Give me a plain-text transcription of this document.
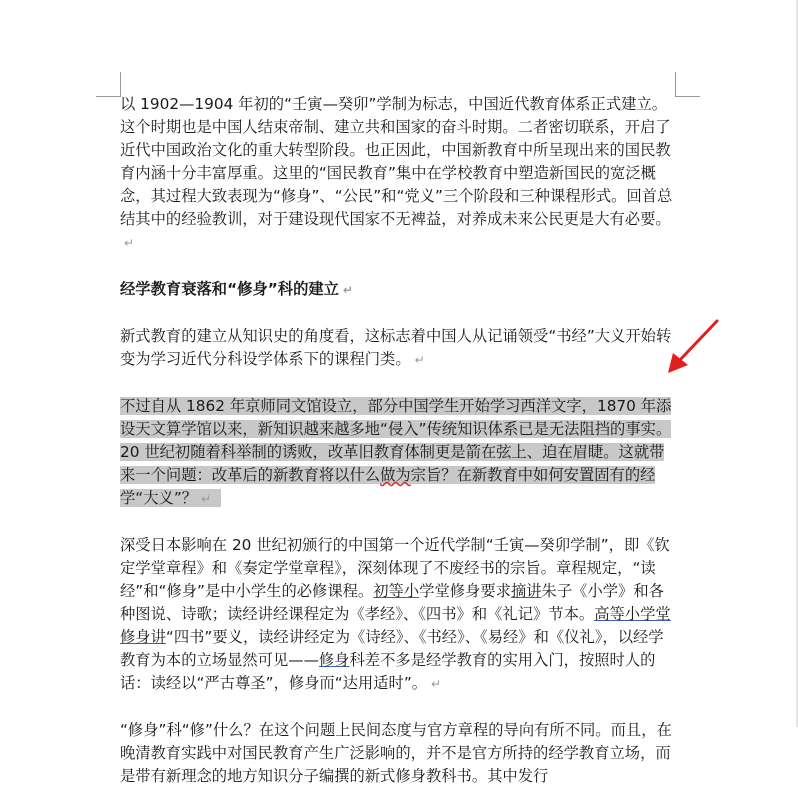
以 1902—1904 年初的“壬寅—癸卯”学制为标志，中国近代教育体系正式建立。这个时期也是中国人结束帝制、建立共和国家的奋斗时期。二者密切联系，开启了近代中国政治文化的重大转型阶段。也正因此，中国新教育中所呈现出来的国民教育内涵十分丰富厚重。这里的“国民教育”集中在学校教育中塑造新国民的宽泛概念，其过程大致表现为“修身”、“公民”和“党义”三个阶段和三种课程形式。回首总结其中的经验教训，对于建设现代国家不无裨益，对养成未来公民更是大有必要。↵

经学教育衰落和“修身”科的建立 ↵

新式教育的建立从知识史的角度看，这标志着中国人从记诵领受“书经”大义开始转变为学习近代分科设学体系下的课程门类。 ↵

不过自从 1862 年京师同文馆设立，部分中国学生开始学习西洋文字，1870 年添设天文算学馆以来，新知识越来越多地“侵入”传统知识体系已是无法阻挡的事实。20 世纪初随着科举制的诱败，改革旧教育体制更是箭在弦上、迫在眉睫。这就带来一个问题：改革后的新教育将以什么做为宗旨？在新教育中如何安置固有的经学“大义”？ ↵

深受日本影响在 20 世纪初颁行的中国第一个近代学制“壬寅—癸卯学制”，即《钦定学堂章程》和《奏定学堂章程》，深刻体现了不废经书的宗旨。章程规定，“读经”和“修身”是中小学生的必修课程。初等小学堂修身要求摘讲朱子《小学》和各种图说、诗歌；读经讲经课程定为《孝经》、《四书》和《礼记》节本。高等小学堂修身讲“四书”要义，读经讲经定为《诗经》、《书经》、《易经》和《仪礼》，以经学教育为本的立场显然可见——修身科差不多是经学教育的实用入门，按照时人的话：读经以“严古尊圣”，修身而“达用适时”。 ↵

“修身”科“修”什么？在这个问题上民间态度与官方章程的导向有所不同。而且，在晚清教育实践中对国民教育产生广泛影响的，并不是官方所持的经学教育立场，而是带有新理念的地方知识分子编撰的新式修身教科书。其中发行
